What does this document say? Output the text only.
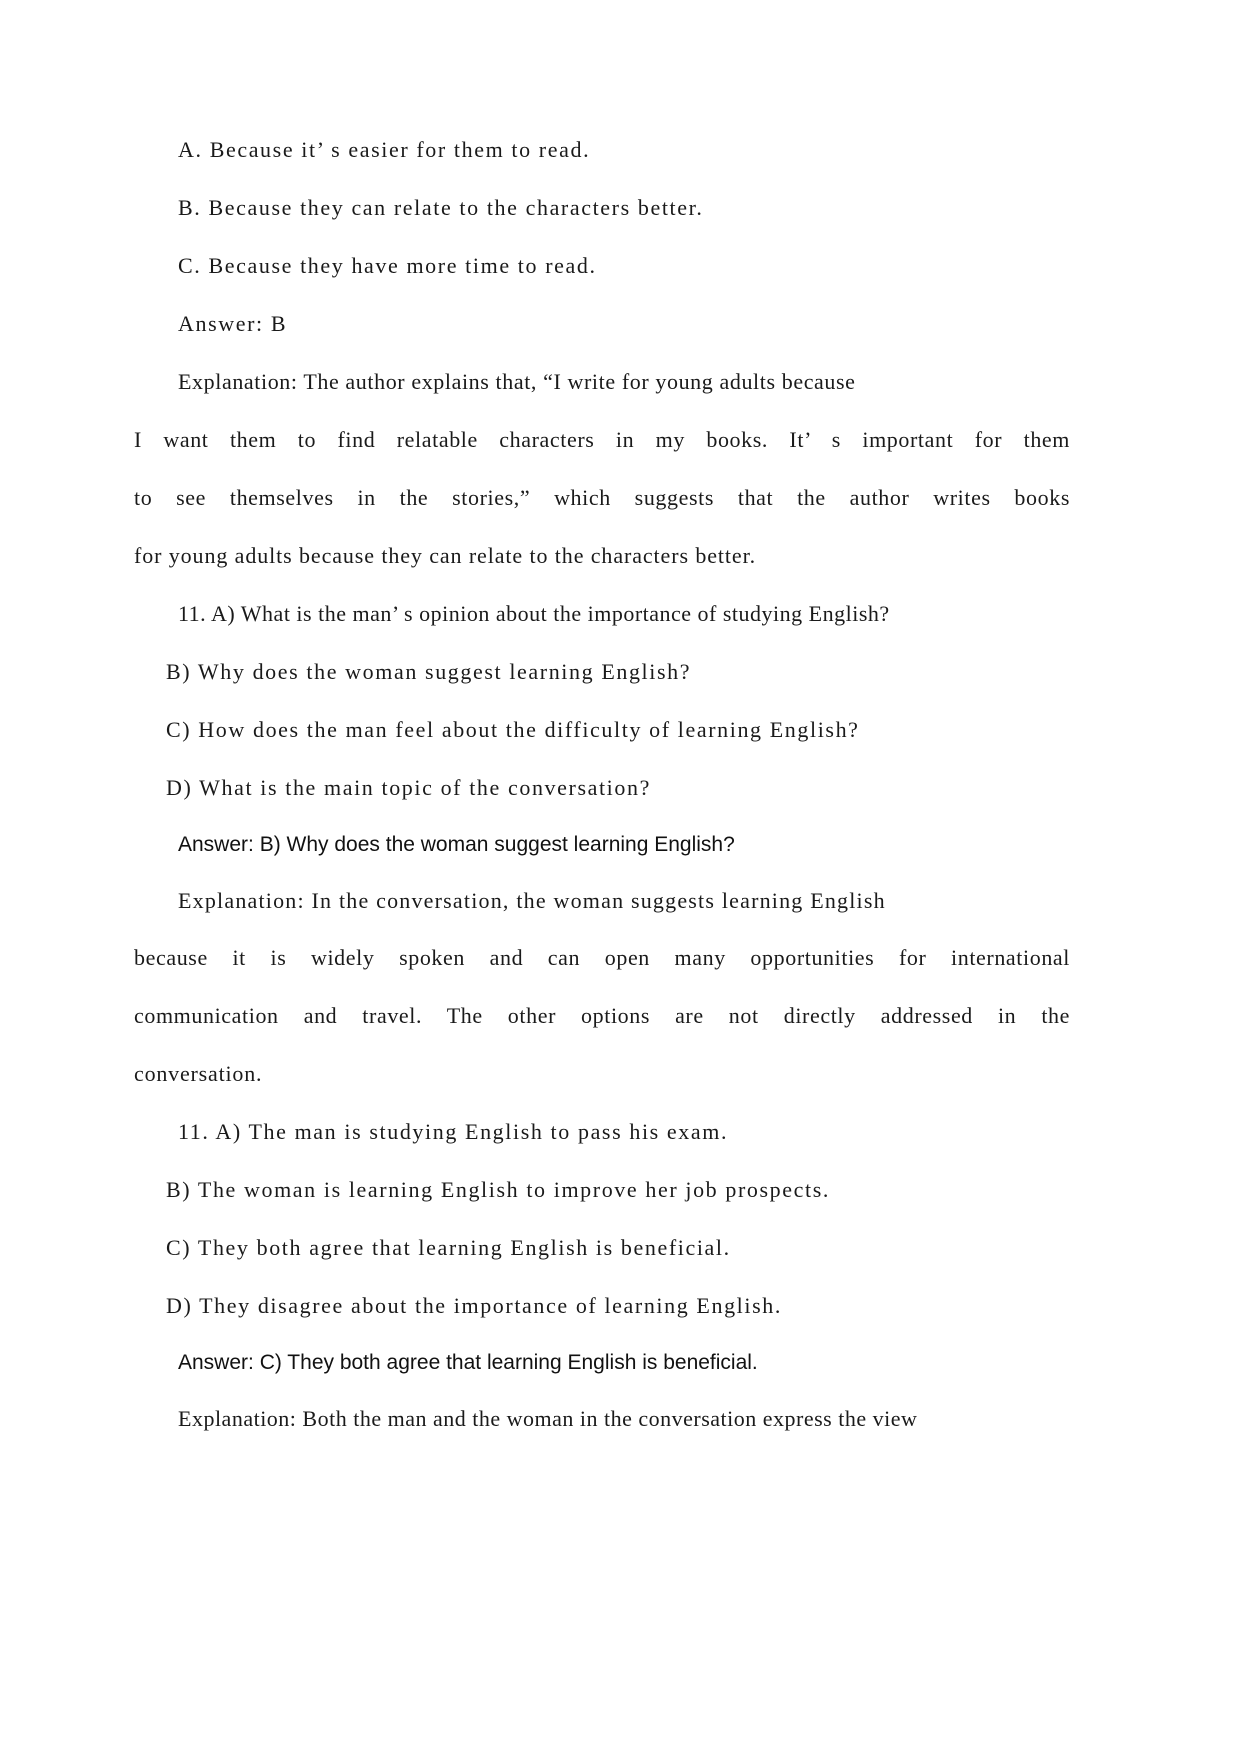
A. Because it’ s easier for them to read.

B. Because they can relate to the characters better.

C. Because they have more time to read.

Answer: B

Explanation: The author explains that, “I write for young adults because

I want them to find relatable characters in my books. It’ s important for them

to see themselves in the stories,” which suggests that the author writes books

for young adults because they can relate to the characters better.

11. A) What is the man’ s opinion about the importance of studying English?

B) Why does the woman suggest learning English?

C) How does the man feel about the difficulty of learning English?

D) What is the main topic of the conversation?

Answer: B) Why does the woman suggest learning English?

Explanation: In the conversation, the woman suggests learning English

because it is widely spoken and can open many opportunities for international

communication and travel. The other options are not directly addressed in the

conversation.

11. A) The man is studying English to pass his exam.

B) The woman is learning English to improve her job prospects.

C) They both agree that learning English is beneficial.

D) They disagree about the importance of learning English.

Answer: C) They both agree that learning English is beneficial.

Explanation: Both the man and the woman in the conversation express the view
